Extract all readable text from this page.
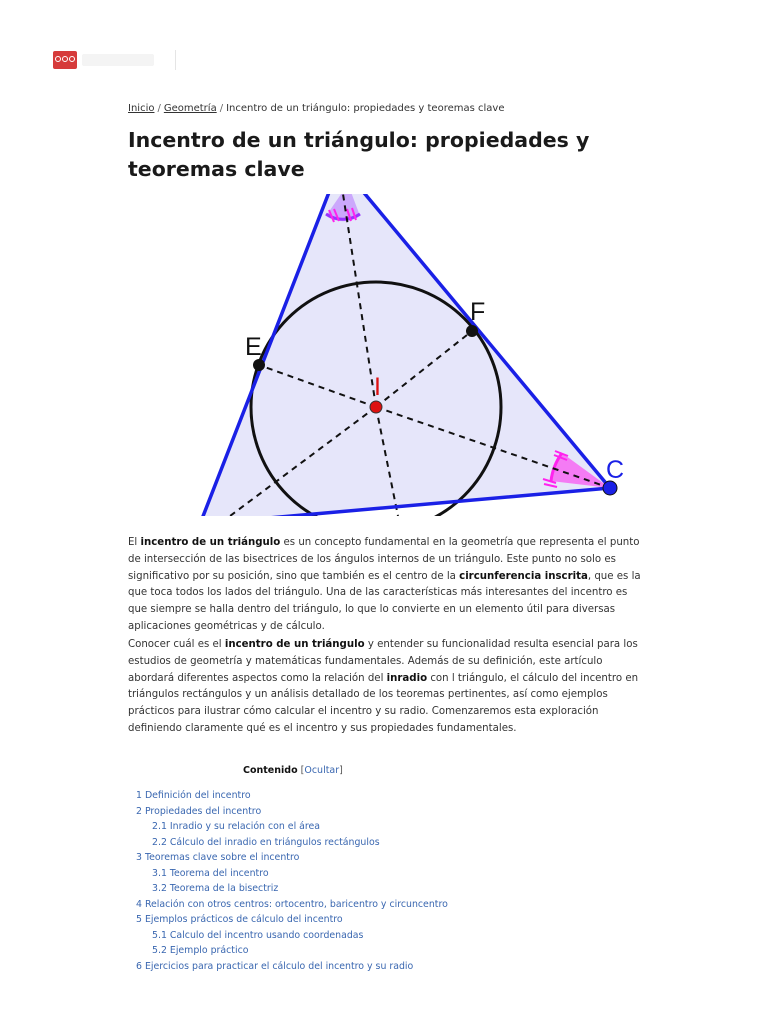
Inicio / Geometría / Incentro de un triángulo: propiedades y teoremas clave
Incentro de un triángulo: propiedades y teoremas clave
E
F
I
C

El incentro de un triángulo es un concepto fundamental en la geometría que representa el punto de intersección de las bisectrices de los ángulos internos de un triángulo. Este punto no solo es significativo por su posición, sino que también es el centro de la circunferencia inscrita, que es la que toca todos los lados del triángulo. Una de las características más interesantes del incentro es que siempre se halla dentro del triángulo, lo que lo convierte en un elemento útil para diversas aplicaciones geométricas y de cálculo.

Conocer cuál es el incentro de un triángulo y entender su funcionalidad resulta esencial para los estudios de geometría y matemáticas fundamentales. Además de su definición, este artículo abordará diferentes aspectos como la relación del inradio con l triángulo, el cálculo del incentro en triángulos rectángulos y un análisis detallado de los teoremas pertinentes, así como ejemplos prácticos para ilustrar cómo calcular el incentro y su radio. Comenzaremos esta exploración definiendo claramente qué es el incentro y sus propiedades fundamentales.

Contenido [Ocultar]
1 Definición del incentro
2 Propiedades del incentro
2.1 Inradio y su relación con el área
2.2 Cálculo del inradio en triángulos rectángulos
3 Teoremas clave sobre el incentro
3.1 Teorema del incentro
3.2 Teorema de la bisectriz
4 Relación con otros centros: ortocentro, baricentro y circuncentro
5 Ejemplos prácticos de cálculo del incentro
5.1 Calculo del incentro usando coordenadas
5.2 Ejemplo práctico
6 Ejercicios para practicar el cálculo del incentro y su radio
